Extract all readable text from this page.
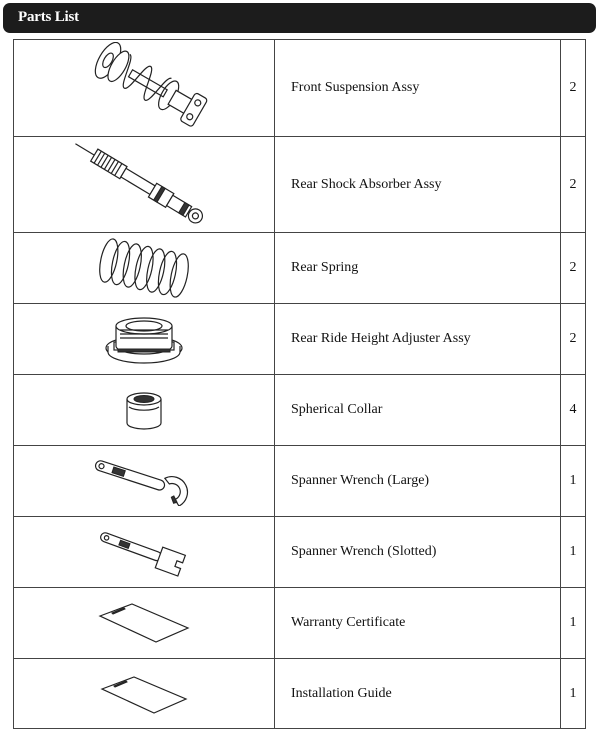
Parts List
	Front Suspension Assy	2

	Rear Shock Absorber Assy	2

	Rear Spring	2

	Rear Ride Height Adjuster Assy	2

	Spherical Collar	4

	Spanner Wrench (Large)	1

	Spanner Wrench (Slotted)	1

	Warranty Certificate	1

	Installation Guide	1
